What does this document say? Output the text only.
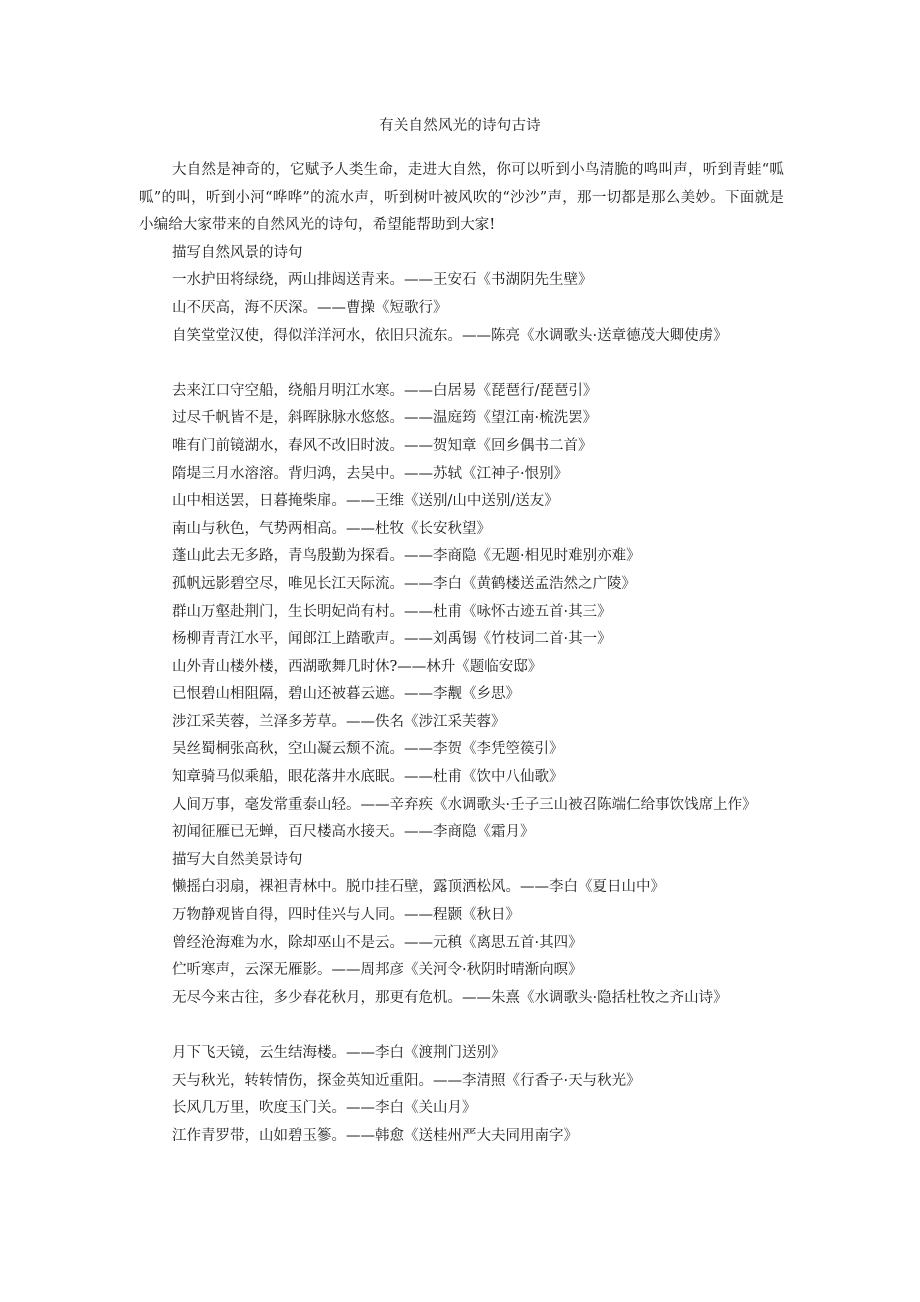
有关自然风光的诗句古诗

大自然是神奇的，它赋予人类生命，走进大自然，你可以听到小鸟清脆的鸣叫声，听到青蛙“呱呱”的叫，听到小河“哗哗”的流水声，听到树叶被风吹的“沙沙”声，那一切都是那么美妙。下面就是小编给大家带来的自然风光的诗句，希望能帮助到大家!

描写自然风景的诗句

一水护田将绿绕，两山排闼送青来。——王安石《书湖阴先生壁》

山不厌高，海不厌深。——曹操《短歌行》

自笑堂堂汉使，得似洋洋河水，依旧只流东。——陈亮《水调歌头·送章德茂大卿使虏》

去来江口守空船，绕船月明江水寒。——白居易《琵琶行/琵琶引》

过尽千帆皆不是，斜晖脉脉水悠悠。——温庭筠《望江南·梳洗罢》

唯有门前镜湖水，春风不改旧时波。——贺知章《回乡偶书二首》

隋堤三月水溶溶。背归鸿，去吴中。——苏轼《江神子·恨别》

山中相送罢，日暮掩柴扉。——王维《送别/山中送别/送友》

南山与秋色，气势两相高。——杜牧《长安秋望》

蓬山此去无多路，青鸟殷勤为探看。——李商隐《无题·相见时难别亦难》

孤帆远影碧空尽，唯见长江天际流。——李白《黄鹤楼送孟浩然之广陵》

群山万壑赴荆门，生长明妃尚有村。——杜甫《咏怀古迹五首·其三》

杨柳青青江水平，闻郎江上踏歌声。——刘禹锡《竹枝词二首·其一》

山外青山楼外楼，西湖歌舞几时休?——林升《题临安邸》

已恨碧山相阻隔，碧山还被暮云遮。——李觏《乡思》

涉江采芙蓉，兰泽多芳草。——佚名《涉江采芙蓉》

吴丝蜀桐张高秋，空山凝云颓不流。——李贺《李凭箜篌引》

知章骑马似乘船，眼花落井水底眠。——杜甫《饮中八仙歌》

人间万事，毫发常重泰山轻。——辛弃疾《水调歌头·壬子三山被召陈端仁给事饮饯席上作》

初闻征雁已无蝉，百尺楼高水接天。——李商隐《霜月》

描写大自然美景诗句

懒摇白羽扇，裸袒青林中。脱巾挂石壁，露顶洒松风。——李白《夏日山中》

万物静观皆自得，四时佳兴与人同。——程颢《秋日》

曾经沧海难为水，除却巫山不是云。——元稹《离思五首·其四》

伫听寒声，云深无雁影。——周邦彦《关河令·秋阴时晴渐向暝》

无尽今来古往，多少春花秋月，那更有危机。——朱熹《水调歌头·隐括杜牧之齐山诗》

月下飞天镜，云生结海楼。——李白《渡荆门送别》

天与秋光，转转情伤，探金英知近重阳。——李清照《行香子·天与秋光》

长风几万里，吹度玉门关。——李白《关山月》

江作青罗带，山如碧玉篸。——韩愈《送桂州严大夫同用南字》
